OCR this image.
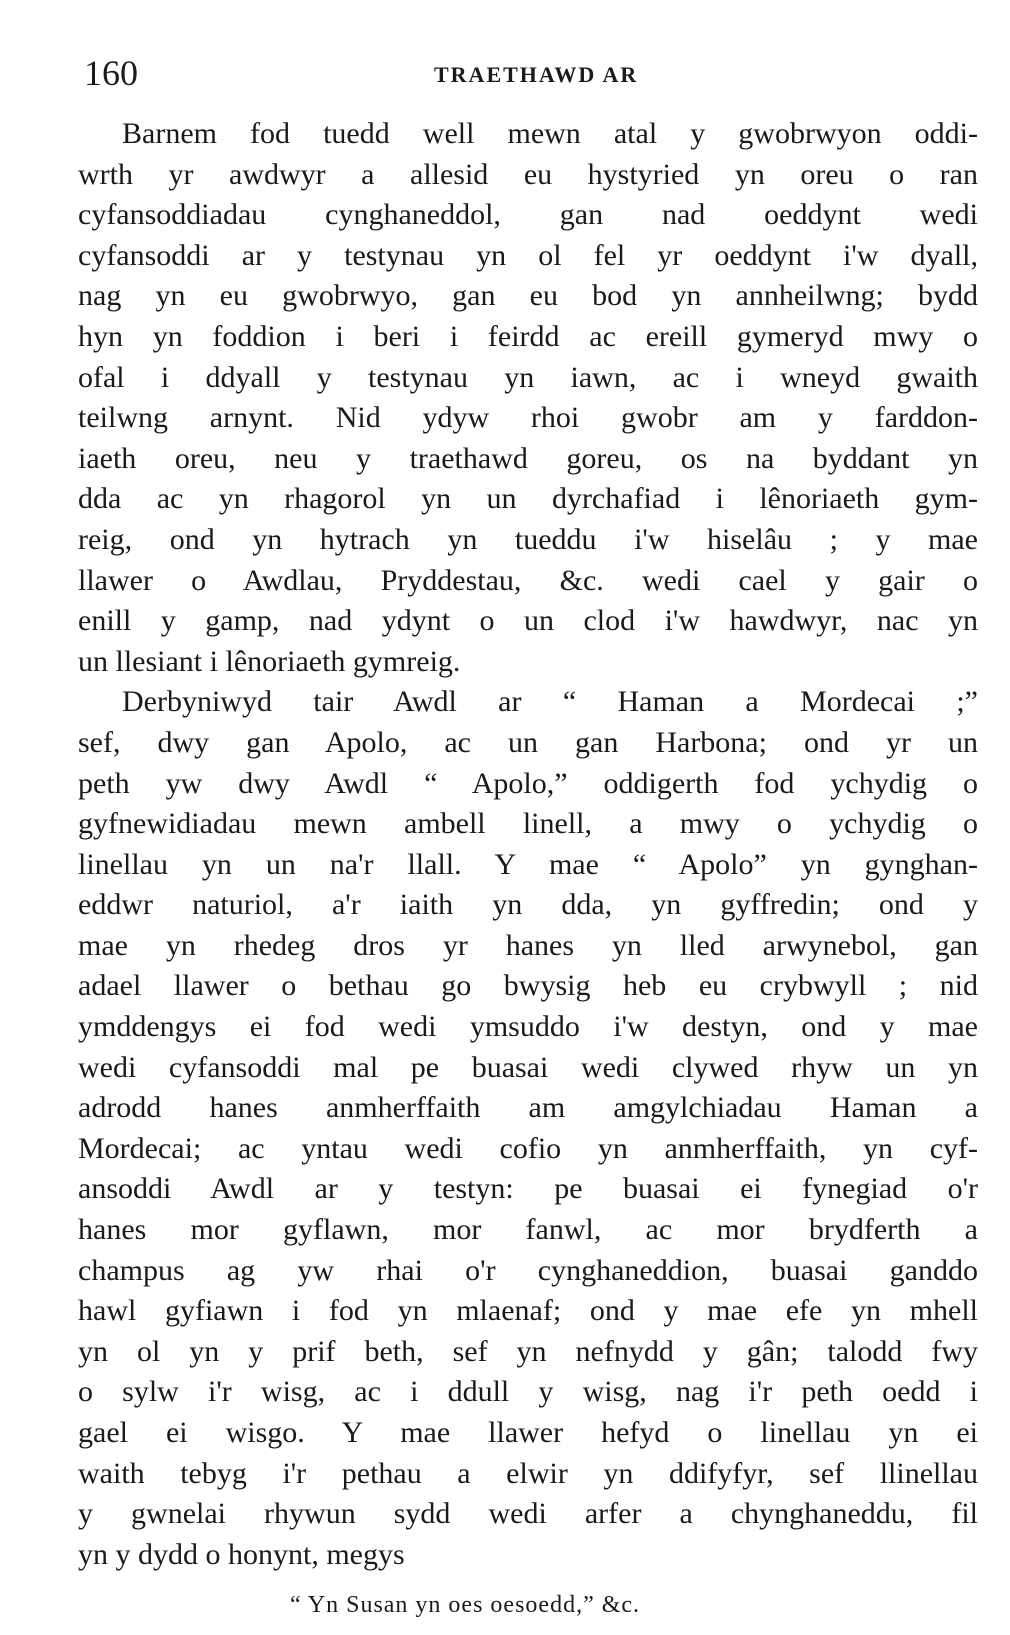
160	TRAETHAWD AR
Barnem fod tuedd well mewn atal y gwobrwyon oddi-
wrth yr awdwyr a allesid eu hystyried yn oreu o ran
cyfansoddiadau cynghaneddol, gan nad oeddynt wedi
cyfansoddi ar y testynau yn ol fel yr oeddynt i'w dyall,
nag yn eu gwobrwyo, gan eu bod yn annheilwng; bydd
hyn yn foddion i beri i feirdd ac ereill gymeryd mwy o
ofal i ddyall y testynau yn iawn, ac i wneyd gwaith
teilwng arnynt. Nid ydyw rhoi gwobr am y farddon-
iaeth oreu, neu y traethawd goreu, os na byddant yn
dda ac yn rhagorol yn un dyrchafiad i lênoriaeth gym-
reig, ond yn hytrach yn tueddu i'w hiselâu ; y mae
llawer o Awdlau, Pryddestau, &c. wedi cael y gair o
enill y gamp, nad ydynt o un clod i'w hawdwyr, nac yn
un llesiant i lênoriaeth gymreig.
Derbyniwyd tair Awdl ar “ Haman a Mordecai ;”
sef, dwy gan Apolo, ac un gan Harbona; ond yr un
peth yw dwy Awdl “ Apolo,” oddigerth fod ychydig o
gyfnewidiadau mewn ambell linell, a mwy o ychydig o
linellau yn un na'r llall. Y mae “ Apolo” yn gynghan-
eddwr naturiol, a'r iaith yn dda, yn gyffredin; ond y
mae yn rhedeg dros yr hanes yn lled arwynebol, gan
adael llawer o bethau go bwysig heb eu crybwyll ; nid
ymddengys ei fod wedi ymsuddo i'w destyn, ond y mae
wedi cyfansoddi mal pe buasai wedi clywed rhyw un yn
adrodd hanes anmherffaith am amgylchiadau Haman a
Mordecai; ac yntau wedi cofio yn anmherffaith, yn cyf-
ansoddi Awdl ar y testyn: pe buasai ei fynegiad o'r
hanes mor gyflawn, mor fanwl, ac mor brydferth a
champus ag yw rhai o'r cynghaneddion, buasai ganddo
hawl gyfiawn i fod yn mlaenaf; ond y mae efe yn mhell
yn ol yn y prif beth, sef yn nefnydd y gân; talodd fwy
o sylw i'r wisg, ac i ddull y wisg, nag i'r peth oedd i
gael ei wisgo. Y mae llawer hefyd o linellau yn ei
waith tebyg i'r pethau a elwir yn ddifyfyr, sef llinellau
y gwnelai rhywun sydd wedi arfer a chynghaneddu, fil
yn y dydd o honynt, megys
“ Yn Susan yn oes oesoedd,” &c.
